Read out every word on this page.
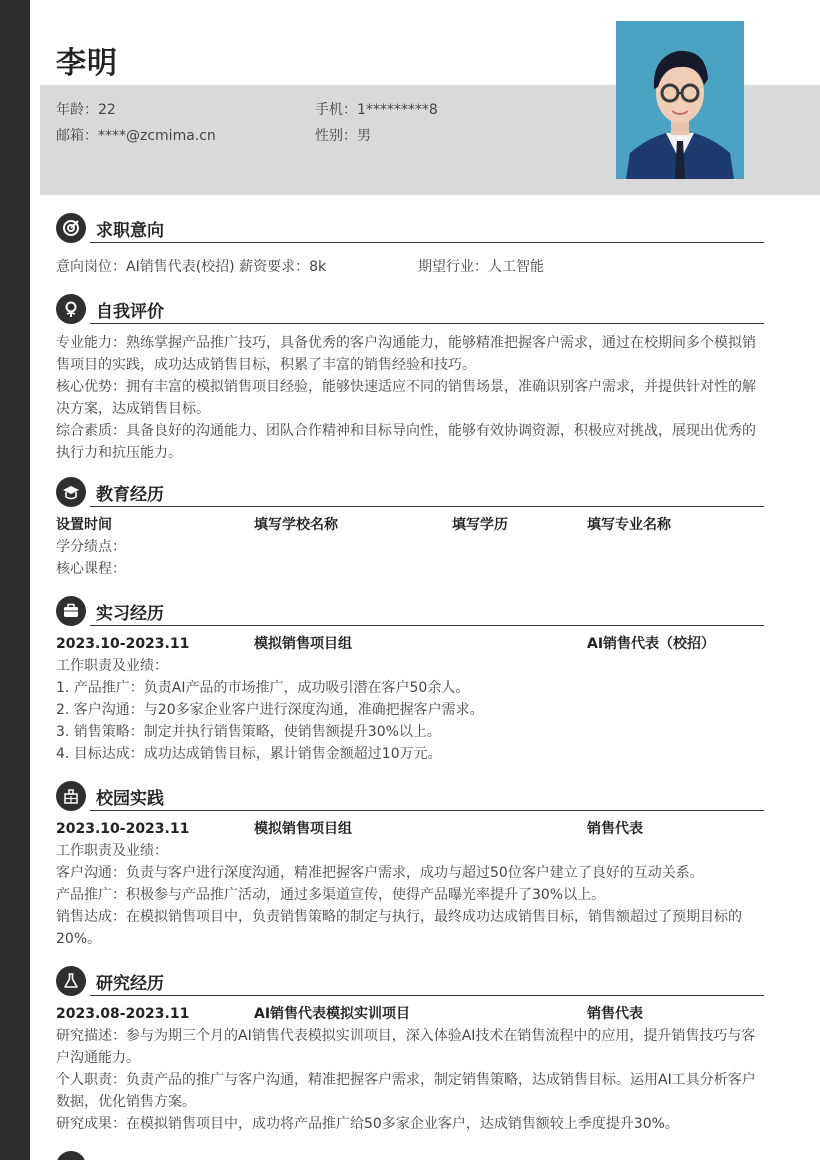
李明
年龄：22	手机：1*********8
邮箱：****@zcmima.cn	性别：男
求职意向
意向岗位：AI销售代表(校招) 薪资要求：8k	期望行业：人工智能
自我评价

专业能力：熟练掌握产品推广技巧，具备优秀的客户沟通能力，能够精准把握客户需求，通过在校期间多个模拟销售项目的实践，成功达成销售目标，积累了丰富的销售经验和技巧。

核心优势：拥有丰富的模拟销售项目经验，能够快速适应不同的销售场景，准确识别客户需求，并提供针对性的解决方案，达成销售目标。

综合素质：具备良好的沟通能力、团队合作精神和目标导向性，能够有效协调资源，积极应对挑战，展现出优秀的执行力和抗压能力。

教育经历
设置时间	填写学校名称	填写学历	填写专业名称

学分绩点：

核心课程：

实习经历
2023.10-2023.11	模拟销售项目组	AI销售代表（校招）

工作职责及业绩：

1. 产品推广：负责AI产品的市场推广，成功吸引潜在客户50余人。

2. 客户沟通：与20多家企业客户进行深度沟通，准确把握客户需求。

3. 销售策略：制定并执行销售策略，使销售额提升30%以上。

4. 目标达成：成功达成销售目标，累计销售金额超过10万元。

校园实践
2023.10-2023.11	模拟销售项目组	销售代表

工作职责及业绩：

客户沟通：负责与客户进行深度沟通，精准把握客户需求，成功与超过50位客户建立了良好的互动关系。

产品推广：积极参与产品推广活动，通过多渠道宣传，使得产品曝光率提升了30%以上。

销售达成：在模拟销售项目中，负责销售策略的制定与执行，最终成功达成销售目标，销售额超过了预期目标的20%。

研究经历
2023.08-2023.11	AI销售代表模拟实训项目	销售代表

研究描述：参与为期三个月的AI销售代表模拟实训项目，深入体验AI技术在销售流程中的应用，提升销售技巧与客户沟通能力。

个人职责：负责产品的推广与客户沟通，精准把握客户需求，制定销售策略，达成销售目标。运用AI工具分析客户数据，优化销售方案。

研究成果：在模拟销售项目中，成功将产品推广给50多家企业客户，达成销售额较上季度提升30%。
